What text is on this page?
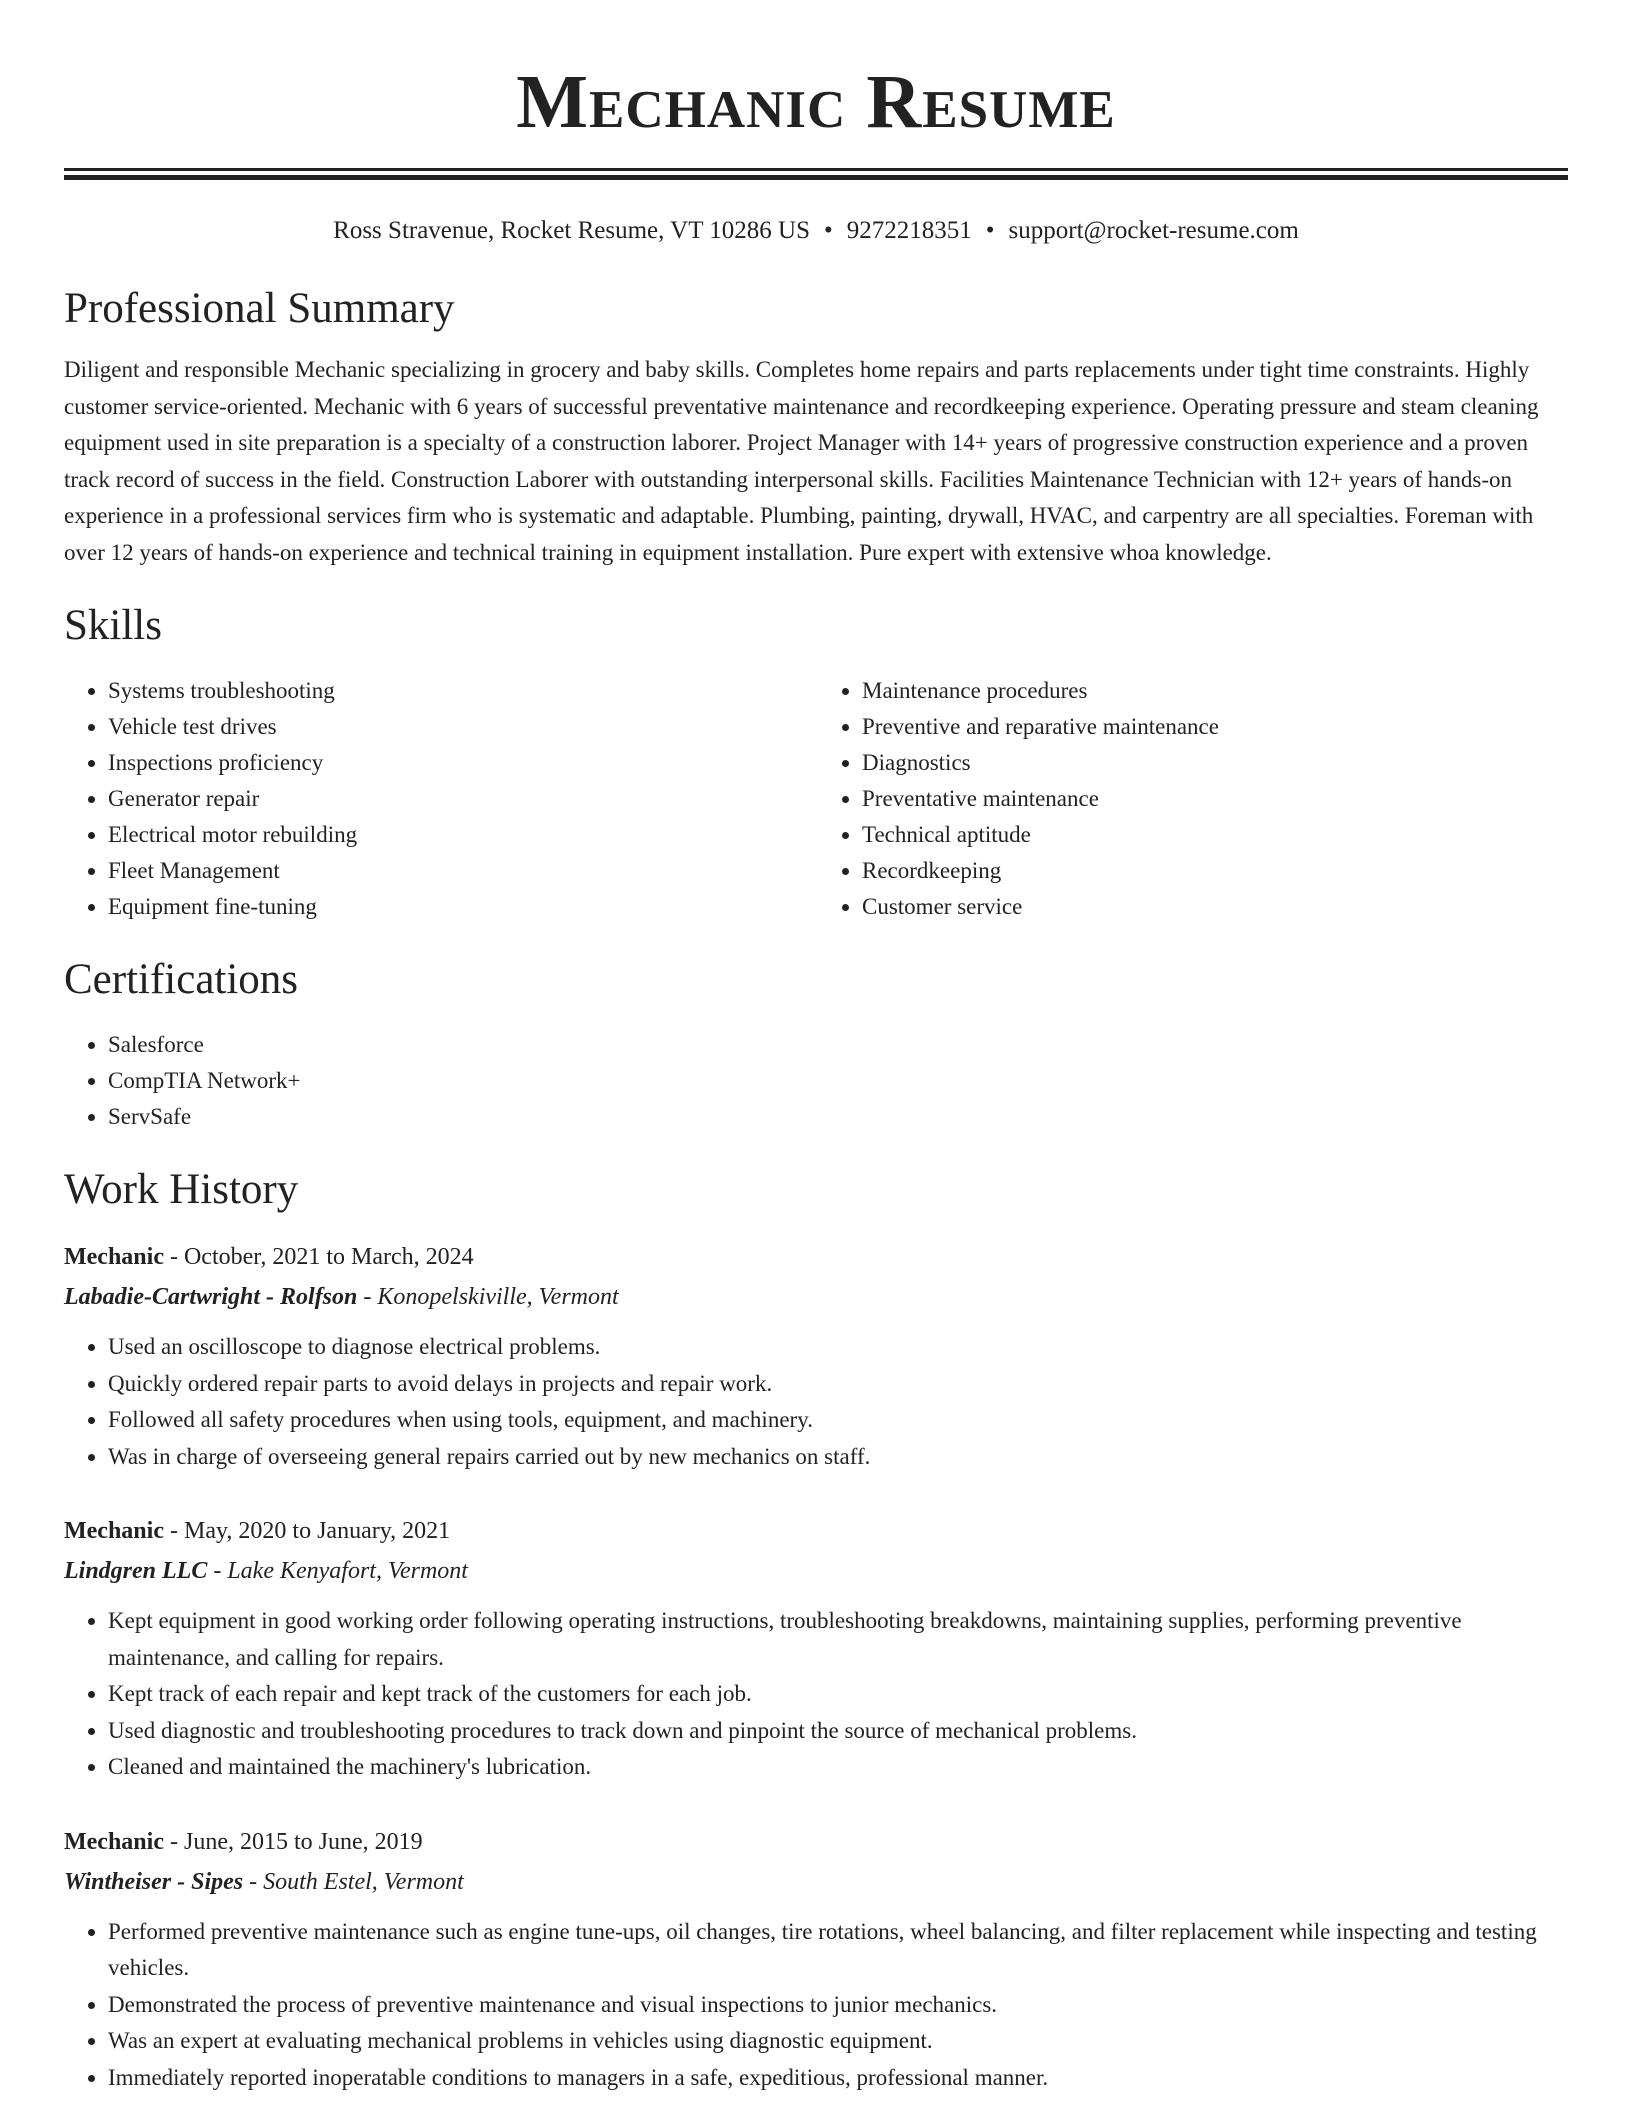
Mechanic Resume
Ross Stravenue, Rocket Resume, VT 10286 US • 9272218351 • support@rocket-resume.com
Professional Summary

Diligent and responsible Mechanic specializing in grocery and baby skills. Completes home repairs and parts replacements under tight time constraints. Highly customer service-oriented. Mechanic with 6 years of successful preventative maintenance and recordkeeping experience. Operating pressure and steam cleaning equipment used in site preparation is a specialty of a construction laborer. Project Manager with 14+ years of progressive construction experience and a proven track record of success in the field. Construction Laborer with outstanding interpersonal skills. Facilities Maintenance Technician with 12+ years of hands-on experience in a professional services firm who is systematic and adaptable. Plumbing, painting, drywall, HVAC, and carpentry are all specialties. Foreman with over 12 years of hands-on experience and technical training in equipment installation. Pure expert with extensive whoa knowledge.

Skills
• Systems troubleshooting
• Vehicle test drives
• Inspections proficiency
• Generator repair
• Electrical motor rebuilding
• Fleet Management
• Equipment fine-tuning
• Maintenance procedures
• Preventive and reparative maintenance
• Diagnostics
• Preventative maintenance
• Technical aptitude
• Recordkeeping
• Customer service
Certifications
• Salesforce
• CompTIA Network+
• ServSafe
Work History
Mechanic - October, 2021 to March, 2024
Labadie-Cartwright - Rolfson - Konopelskiville, Vermont
• Used an oscilloscope to diagnose electrical problems.
• Quickly ordered repair parts to avoid delays in projects and repair work.
• Followed all safety procedures when using tools, equipment, and machinery.
• Was in charge of overseeing general repairs carried out by new mechanics on staff.
Mechanic - May, 2020 to January, 2021
Lindgren LLC - Lake Kenyafort, Vermont
• Kept equipment in good working order following operating instructions, troubleshooting breakdowns, maintaining supplies, performing preventive maintenance, and calling for repairs.
• Kept track of each repair and kept track of the customers for each job.
• Used diagnostic and troubleshooting procedures to track down and pinpoint the source of mechanical problems.
• Cleaned and maintained the machinery's lubrication.
Mechanic - June, 2015 to June, 2019
Wintheiser - Sipes - South Estel, Vermont
• Performed preventive maintenance such as engine tune-ups, oil changes, tire rotations, wheel balancing, and filter replacement while inspecting and testing vehicles.
• Demonstrated the process of preventive maintenance and visual inspections to junior mechanics.
• Was an expert at evaluating mechanical problems in vehicles using diagnostic equipment.
• Immediately reported inoperatable conditions to managers in a safe, expeditious, professional manner.
